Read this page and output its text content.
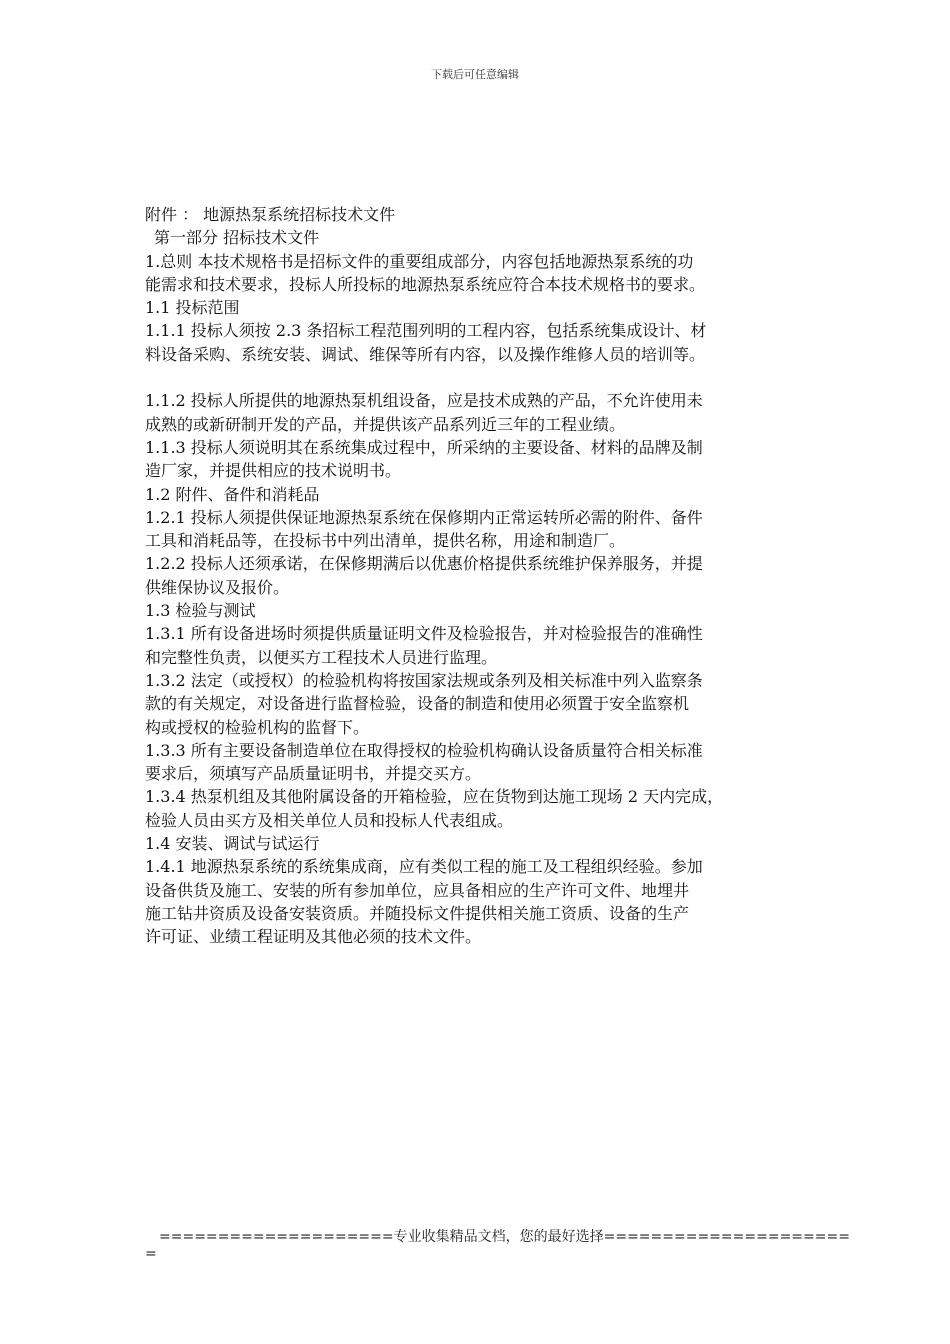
下载后可任意编辑

附件 ： 地源热泵系统招标技术文件

第一部分 招标技术文件

1.总则 本技术规格书是招标文件的重要组成部分，内容包括地源热泵系统的功

能需求和技术要求，投标人所投标的地源热泵系统应符合本技术规格书的要求。

1.1 投标范围

1.1.1 投标人须按 2.3 条招标工程范围列明的工程内容，包括系统集成设计、材

料设备采购、系统安装、调试、维保等所有内容，以及操作维修人员的培训等。

1.1.2 投标人所提供的地源热泵机组设备，应是技术成熟的产品，不允许使用未

成熟的或新研制开发的产品，并提供该产品系列近三年的工程业绩。

1.1.3 投标人须说明其在系统集成过程中，所采纳的主要设备、材料的品牌及制

造厂家，并提供相应的技术说明书。

1.2 附件、备件和消耗品

1.2.1 投标人须提供保证地源热泵系统在保修期内正常运转所必需的附件、备件

工具和消耗品等，在投标书中列出清单，提供名称，用途和制造厂。

1.2.2 投标人还须承诺，在保修期满后以优惠价格提供系统维护保养服务，并提

供维保协议及报价。

1.3 检验与测试

1.3.1 所有设备进场时须提供质量证明文件及检验报告，并对检验报告的准确性

和完整性负责，以便买方工程技术人员进行监理。

1.3.2 法定（或授权）的检验机构将按国家法规或条列及相关标准中列入监察条

款的有关规定，对设备进行监督检验，设备的制造和使用必须置于安全监察机

构或授权的检验机构的监督下。

1.3.3 所有主要设备制造单位在取得授权的检验机构确认设备质量符合相关标准

要求后，须填写产品质量证明书，并提交买方。

1.3.4 热泵机组及其他附属设备的开箱检验，应在货物到达施工现场 2 天内完成，

检验人员由买方及相关单位人员和投标人代表组成。

1.4 安装、调试与试运行

1.4.1 地源热泵系统的系统集成商，应有类似工程的施工及工程组织经验。参加

设备供货及施工、安装的所有参加单位，应具备相应的生产许可文件、地埋井

施工钻井资质及设备安装资质。并随投标文件提供相关施工资质、设备的生产

许可证、业绩工程证明及其他必须的技术文件。

====================专业收集精品文档，您的最好选择=====================

=
